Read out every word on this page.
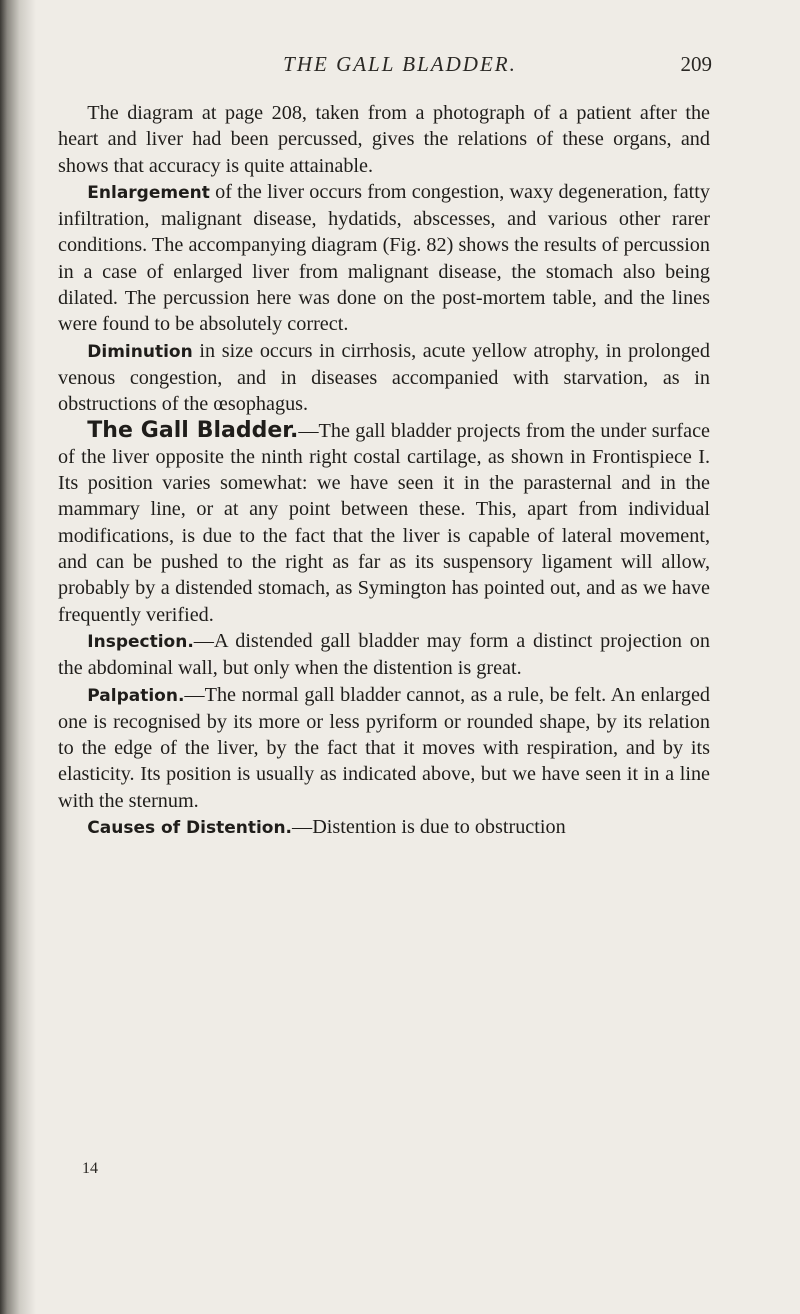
THE GALL BLADDER.	209

The diagram at page 208, taken from a photograph of a patient after the heart and liver had been percussed, gives the relations of these organs, and shows that accuracy is quite attainable.

Enlargement of the liver occurs from congestion, waxy degeneration, fatty infiltration, malignant disease, hydatids, abscesses, and various other rarer conditions. The accompanying diagram (Fig. 82) shows the results of percussion in a case of enlarged liver from malignant disease, the stomach also being dilated. The percussion here was done on the post-mortem table, and the lines were found to be absolutely correct.

Diminution in size occurs in cirrhosis, acute yellow atrophy, in prolonged venous congestion, and in diseases accompanied with starvation, as in obstructions of the œsophagus.

The Gall Bladder.—The gall bladder projects from the under surface of the liver opposite the ninth right costal cartilage, as shown in Frontispiece I. Its position varies somewhat: we have seen it in the parasternal and in the mammary line, or at any point between these. This, apart from individual modifications, is due to the fact that the liver is capable of lateral movement, and can be pushed to the right as far as its suspensory ligament will allow, probably by a distended stomach, as Symington has pointed out, and as we have frequently verified.

Inspection.—A distended gall bladder may form a distinct projection on the abdominal wall, but only when the distention is great.

Palpation.—The normal gall bladder cannot, as a rule, be felt. An enlarged one is recognised by its more or less pyriform or rounded shape, by its relation to the edge of the liver, by the fact that it moves with respiration, and by its elasticity. Its position is usually as indicated above, but we have seen it in a line with the sternum.

Causes of Distention.—Distention is due to obstruction

14
